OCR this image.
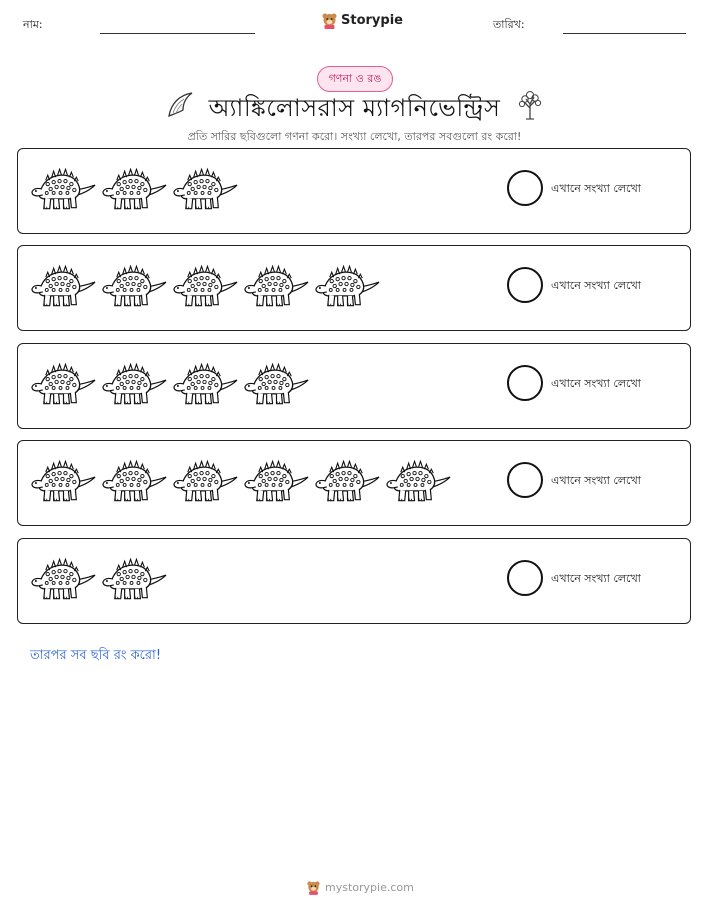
নাম:	Storypie	তারিখ:
গণনা ও রঙ
অ্যাঙ্কিলোসরাস ম্যাগনিভেন্ট্রিস
প্রতি সারির ছবিগুলো গণনা করো। সংখ্যা লেখো, তারপর সবগুলো রং করো!
এখানে সংখ্যা লেখো
এখানে সংখ্যা লেখো
এখানে সংখ্যা লেখো
এখানে সংখ্যা লেখো
এখানে সংখ্যা লেখো
তারপর সব ছবি রং করো!
mystorypie.com
